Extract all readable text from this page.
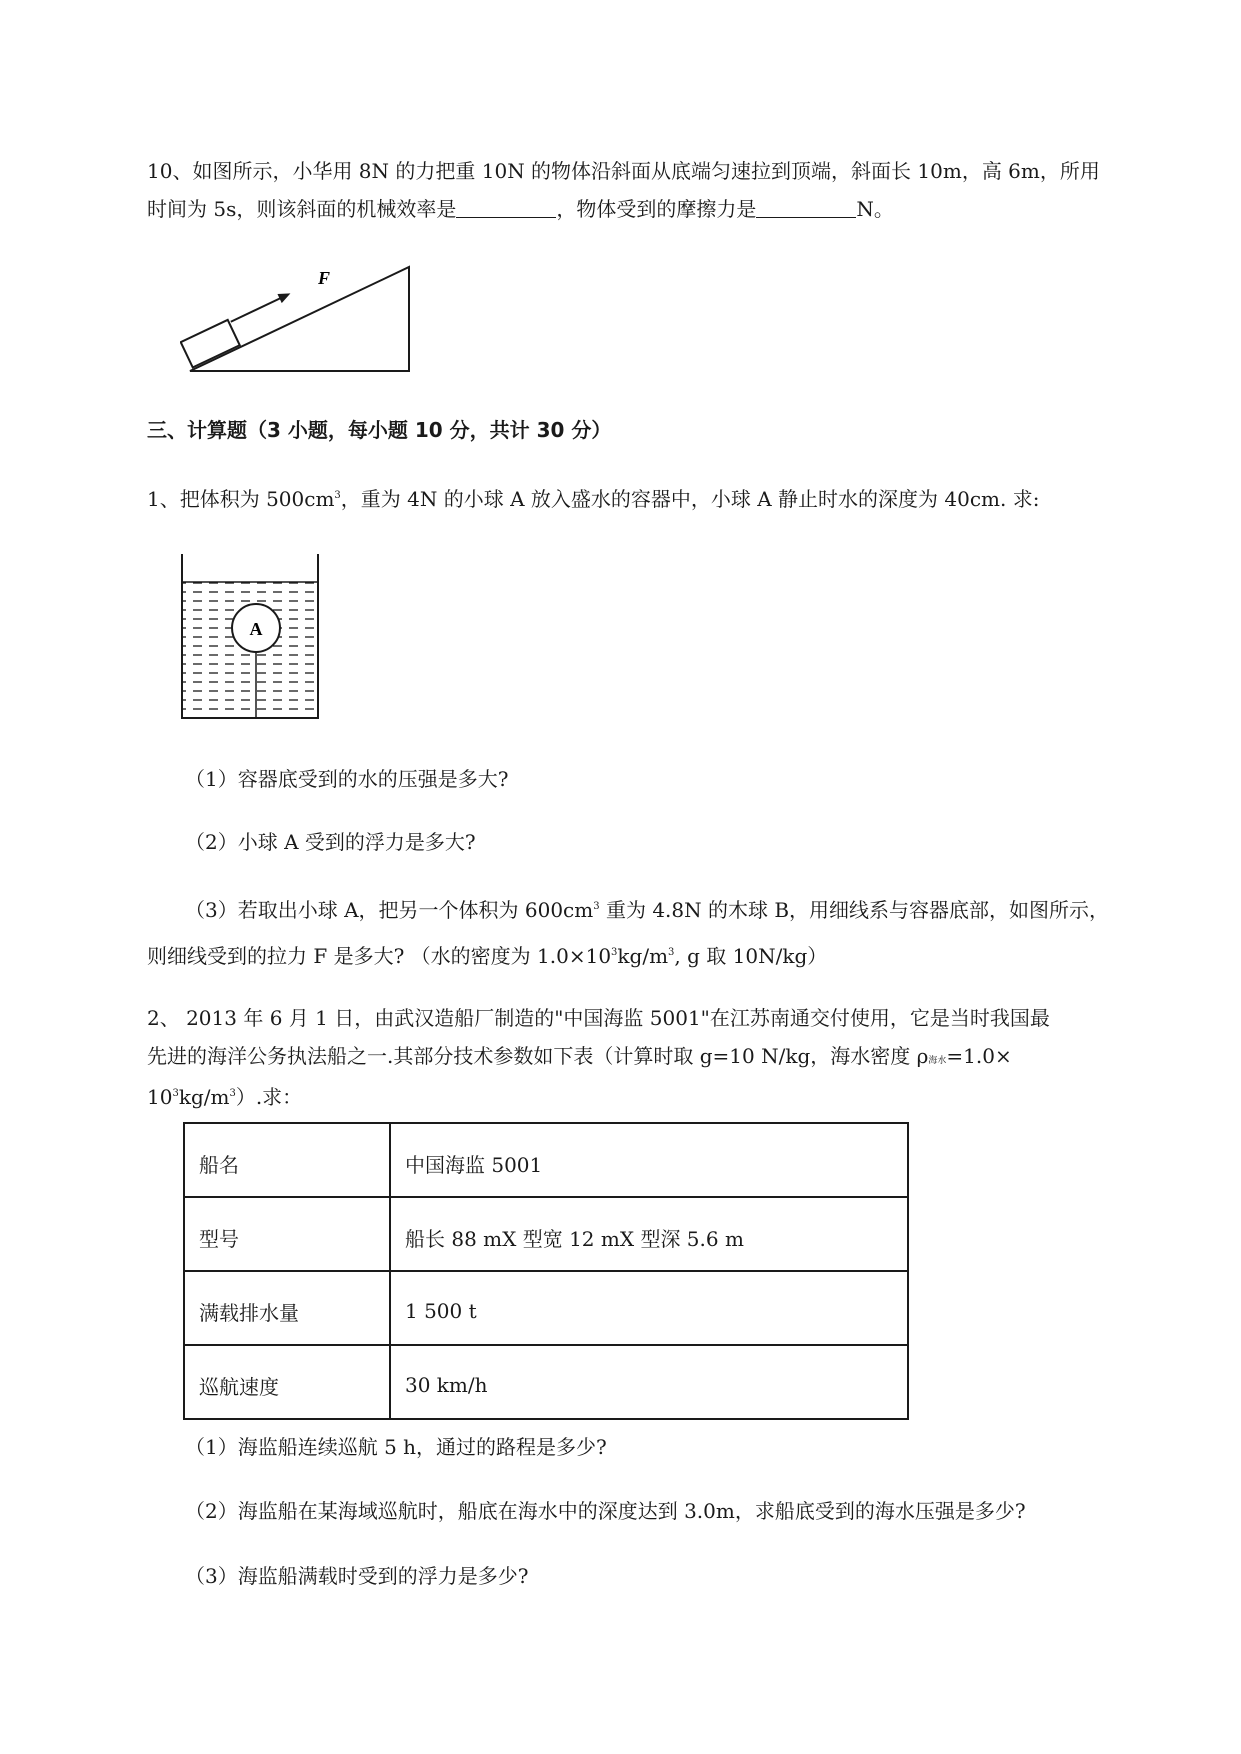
10、如图所示，小华用 8N 的力把重 10N 的物体沿斜面从底端匀速拉到顶端，斜面长 10m，高 6m，所用
时间为 5s，则该斜面的机械效率是	，物体受到的摩擦力是	N。
F
三、计算题（3 小题，每小题 10 分，共计 30 分）
1、把体积为 $500cm^3$，重为 4N 的小球 A 放入盛水的容器中，小球 A 静止时水的深度为 40cm. 求:
A
（1）容器底受到的水的压强是多大?
（2）小球 A 受到的浮力是多大?
（3）若取出小球 A，把另一个体积为 $600cm^3$ 重为 4.8N 的木球 B，用细线系与容器底部，如图所示，
则细线受到的拉力 F 是多大? （水的密度为 $1.0\times 10^3kg/m^3$, g 取 10N/kg）
2、 2013 年 6 月 1 日，由武汉造船厂制造的"中国海监 5001"在江苏南通交付使用，它是当时我国最
先进的海洋公务执法船之一.其部分技术参数如下表（计算时取 g=10 N/kg，海水密度 ρ海水=1.0×
$10^3kg/m^3$）.求：
船名	中国海监 5001
型号	船长 88 mX 型宽 12 mX 型深 5.6 m
满载排水量	1 500 t
巡航速度	30 km/h
（1）海监船连续巡航 5 h，通过的路程是多少?
（2）海监船在某海域巡航时，船底在海水中的深度达到 3.0m，求船底受到的海水压强是多少?
（3）海监船满载时受到的浮力是多少?
